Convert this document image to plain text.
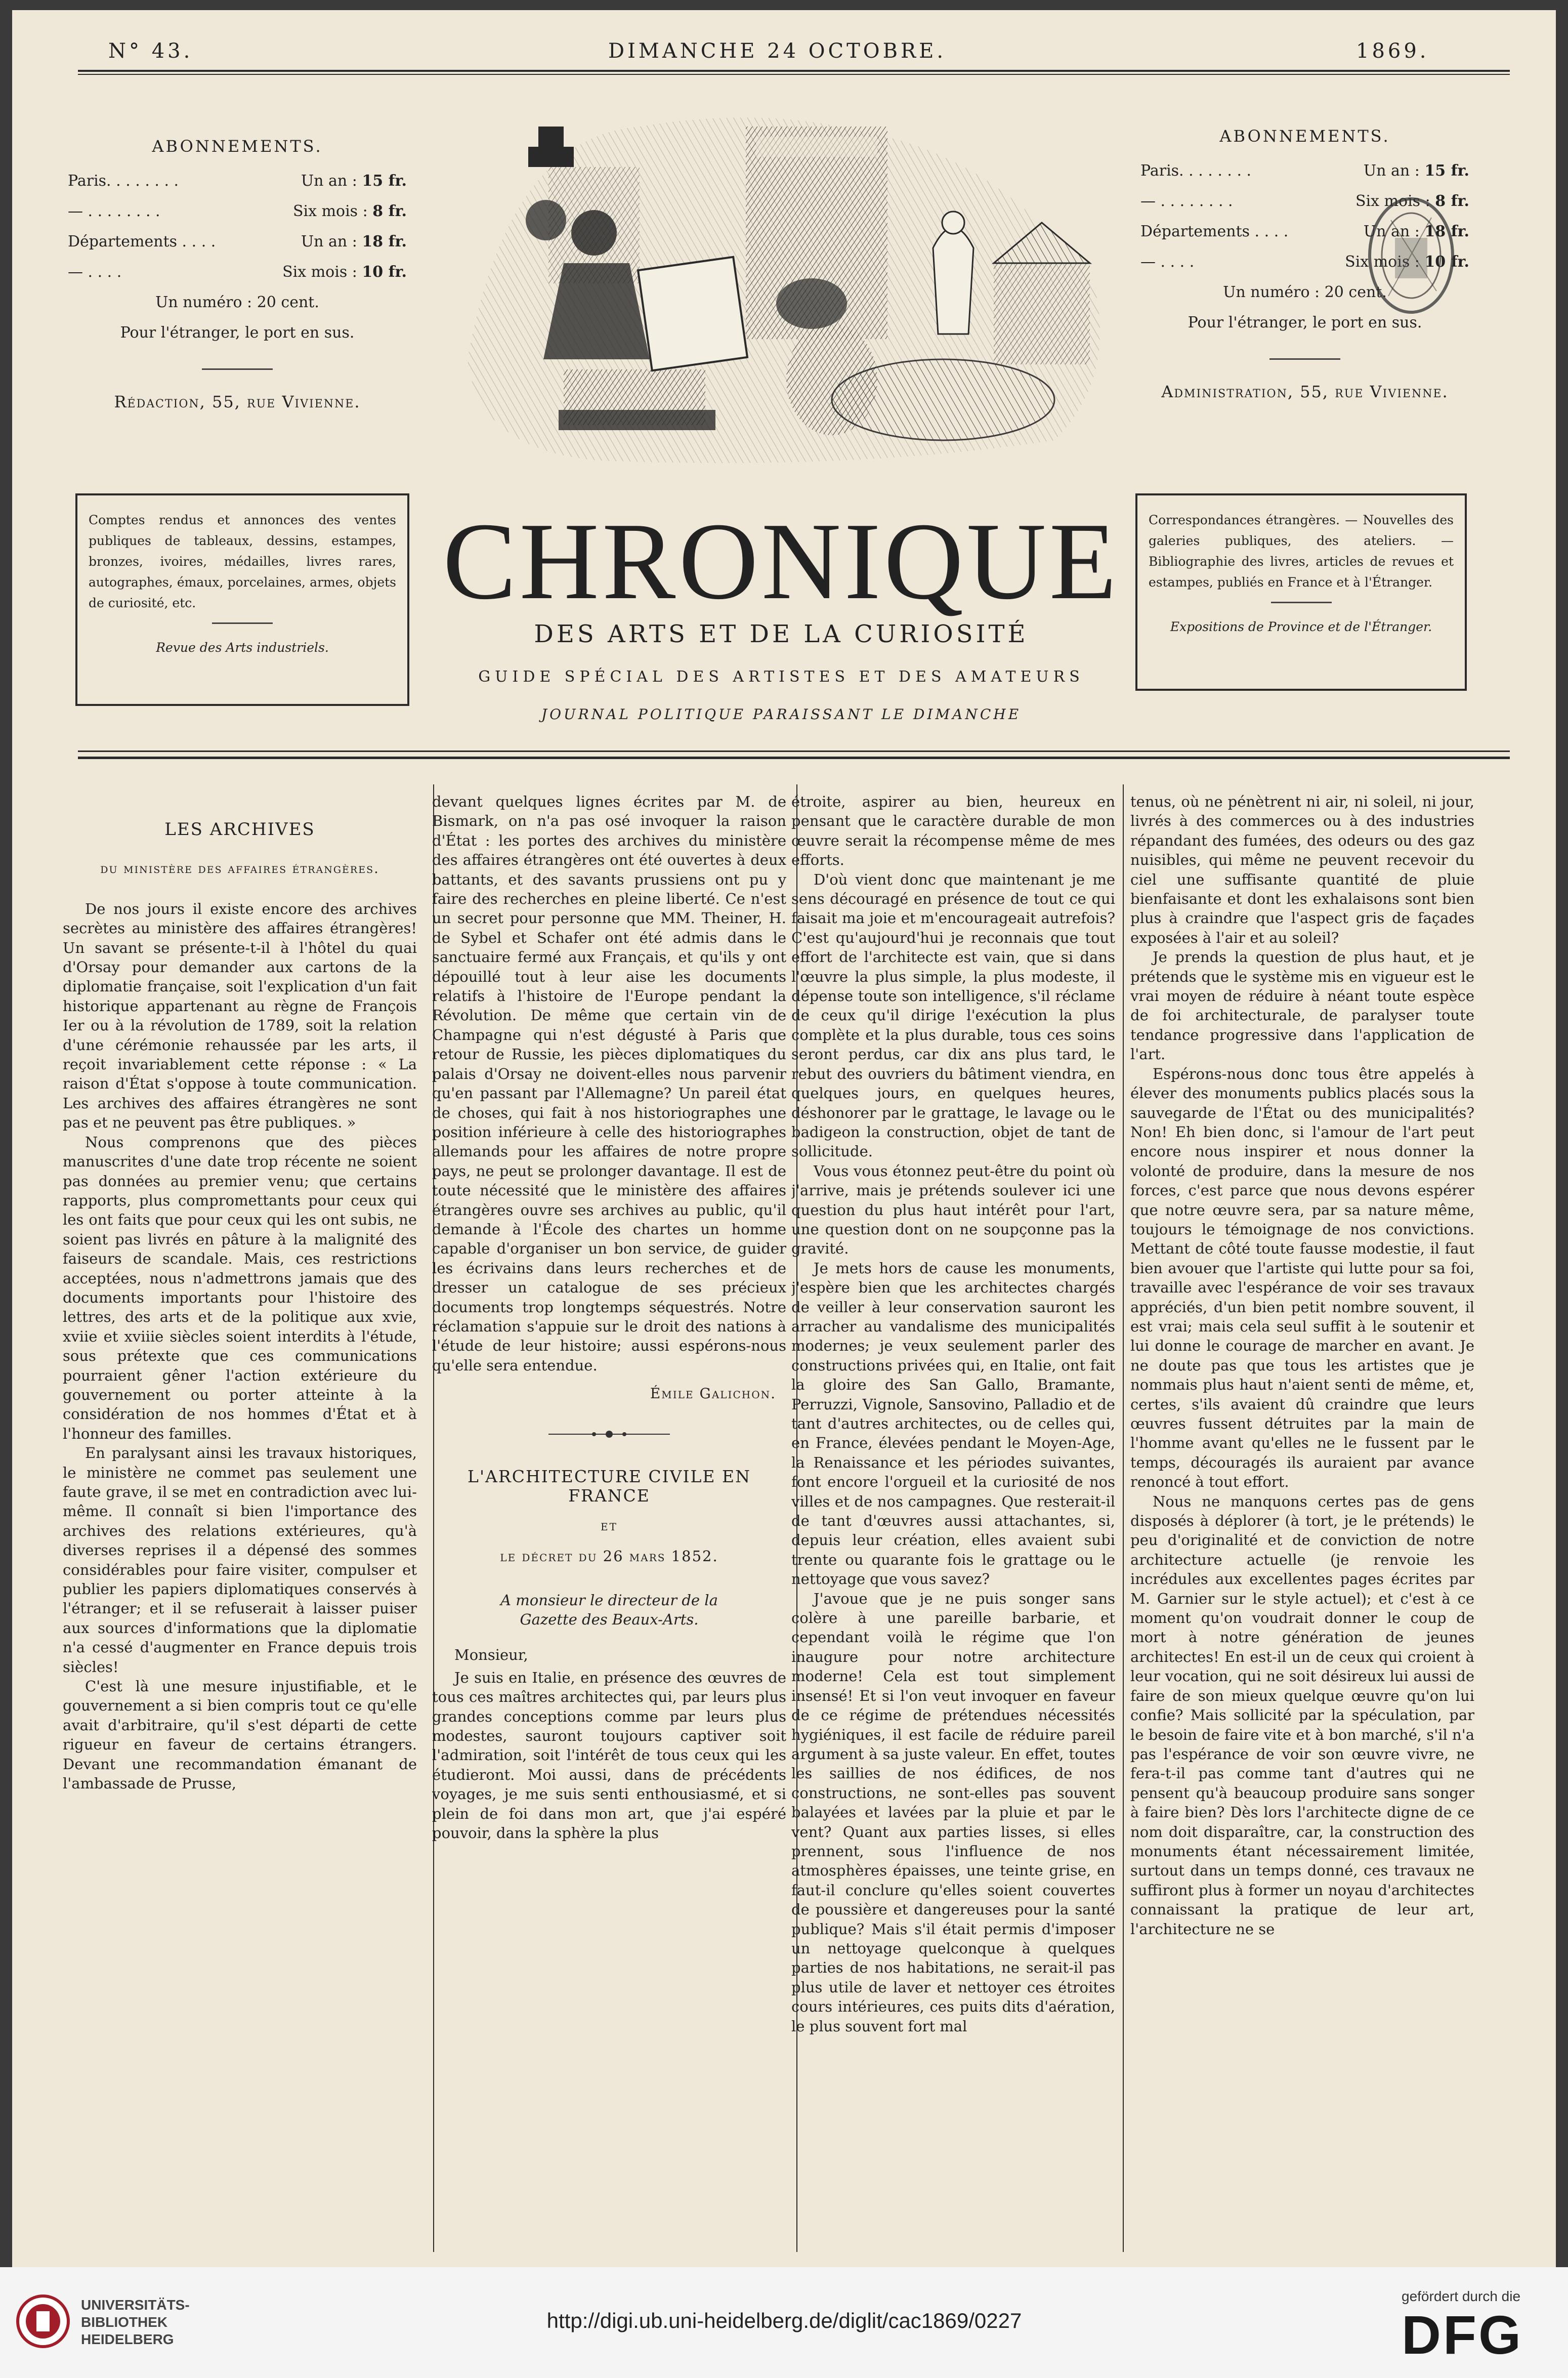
N° 43.	DIMANCHE 24 OCTOBRE.	1869.
ABONNEMENTS.
Paris. . . . . . . .	Un an : 15 fr.
— . . . . . . . .	Six mois : 8 fr.
Départements . . . .	Un an : 18 fr.
— . . . .	Six mois : 10 fr.
Un numéro : 20 cent.
Pour l'étranger, le port en sus.
Rédaction, 55, rue Vivienne.
ABONNEMENTS.
Paris. . . . . . . .	Un an : 15 fr.
— . . . . . . . .	Six mois : 8 fr.
Départements . . . .	Un an : 18 fr.
— . . . .	Six mois : 10 fr.
Un numéro : 20 cent.
Pour l'étranger, le port en sus.
Administration, 55, rue Vivienne.
Comptes rendus et annonces des ventes publiques de tableaux, dessins, estampes, bronzes, ivoires, médailles, livres rares, autographes, émaux, porcelaines, armes, objets de curiosité, etc.
Revue des Arts industriels.
Correspondances étrangères. — Nouvelles des galeries publiques, des ateliers. — Bibliographie des livres, articles de revues et estampes, publiés en France et à l'Étranger.
Expositions de Province et de l'Étranger.
CHRONIQUE
DES ARTS ET DE LA CURIOSITÉ
GUIDE SPÉCIAL DES ARTISTES ET DES AMATEURS
JOURNAL POLITIQUE PARAISSANT LE DIMANCHE
LES ARCHIVES
du ministère des affaires étrangères.

De nos jours il existe encore des archives secrètes au ministère des affaires étrangères! Un savant se présente-t-il à l'hôtel du quai d'Orsay pour demander aux cartons de la diplomatie française, soit l'explication d'un fait historique appartenant au règne de François Ier ou à la révolution de 1789, soit la relation d'une cérémonie rehaussée par les arts, il reçoit invariablement cette réponse : « La raison d'État s'oppose à toute communication. Les archives des affaires étrangères ne sont pas et ne peuvent pas être publiques. »

Nous comprenons que des pièces manuscrites d'une date trop récente ne soient pas données au premier venu; que certains rapports, plus compromettants pour ceux qui les ont faits que pour ceux qui les ont subis, ne soient pas livrés en pâture à la malignité des faiseurs de scandale. Mais, ces restrictions acceptées, nous n'admettrons jamais que des documents importants pour l'histoire des lettres, des arts et de la politique aux xvie, xviie et xviiie siècles soient interdits à l'étude, sous prétexte que ces communications pourraient gêner l'action extérieure du gouvernement ou porter atteinte à la considération de nos hommes d'État et à l'honneur des familles.

En paralysant ainsi les travaux historiques, le ministère ne commet pas seulement une faute grave, il se met en contradiction avec lui-même. Il connaît si bien l'importance des archives des relations extérieures, qu'à diverses reprises il a dépensé des sommes considérables pour faire visiter, compulser et publier les papiers diplomatiques conservés à l'étranger; et il se refuserait à laisser puiser aux sources d'informations que la diplomatie n'a cessé d'augmenter en France depuis trois siècles!

C'est là une mesure injustifiable, et le gouvernement a si bien compris tout ce qu'elle avait d'arbitraire, qu'il s'est départi de cette rigueur en faveur de certains étrangers. Devant une recommandation émanant de l'ambassade de Prusse,

devant quelques lignes écrites par M. de Bismark, on n'a pas osé invoquer la raison d'État : les portes des archives du ministère des affaires étrangères ont été ouvertes à deux battants, et des savants prussiens ont pu y faire des recherches en pleine liberté. Ce n'est un secret pour personne que MM. Theiner, H. de Sybel et Schafer ont été admis dans le sanctuaire fermé aux Français, et qu'ils y ont dépouillé tout à leur aise les documents relatifs à l'histoire de l'Europe pendant la Révolution. De même que certain vin de Champagne qui n'est dégusté à Paris que retour de Russie, les pièces diplomatiques du palais d'Orsay ne doivent-elles nous parvenir qu'en passant par l'Allemagne? Un pareil état de choses, qui fait à nos historiographes une position inférieure à celle des historiographes allemands pour les affaires de notre propre pays, ne peut se prolonger davantage. Il est de toute nécessité que le ministère des affaires étrangères ouvre ses archives au public, qu'il demande à l'École des chartes un homme capable d'organiser un bon service, de guider les écrivains dans leurs recherches et de dresser un catalogue de ses précieux documents trop longtemps séquestrés. Notre réclamation s'appuie sur le droit des nations à l'étude de leur histoire; aussi espérons-nous qu'elle sera entendue.

Émile Galichon.
L'ARCHITECTURE CIVILE EN FRANCE
ET
le décret du 26 mars 1852.
A monsieur le directeur de la Gazette des Beaux-Arts.

Monsieur,

Je suis en Italie, en présence des œuvres de tous ces maîtres architectes qui, par leurs plus grandes conceptions comme par leurs plus modestes, sauront toujours captiver soit l'admiration, soit l'intérêt de tous ceux qui les étudieront. Moi aussi, dans de précédents voyages, je me suis senti enthousiasmé, et si plein de foi dans mon art, que j'ai espéré pouvoir, dans la sphère la plus

étroite, aspirer au bien, heureux en pensant que le caractère durable de mon œuvre serait la récompense même de mes efforts.

D'où vient donc que maintenant je me sens découragé en présence de tout ce qui faisait ma joie et m'encourageait autrefois? C'est qu'aujourd'hui je reconnais que tout effort de l'architecte est vain, que si dans l'œuvre la plus simple, la plus modeste, il dépense toute son intelligence, s'il réclame de ceux qu'il dirige l'exécution la plus complète et la plus durable, tous ces soins seront perdus, car dix ans plus tard, le rebut des ouvriers du bâtiment viendra, en quelques jours, en quelques heures, déshonorer par le grattage, le lavage ou le badigeon la construction, objet de tant de sollicitude.

Vous vous étonnez peut-être du point où j'arrive, mais je prétends soulever ici une question du plus haut intérêt pour l'art, une question dont on ne soupçonne pas la gravité.

Je mets hors de cause les monuments, j'espère bien que les architectes chargés de veiller à leur conservation sauront les arracher au vandalisme des municipalités modernes; je veux seulement parler des constructions privées qui, en Italie, ont fait la gloire des San Gallo, Bramante, Perruzzi, Vignole, Sansovino, Palladio et de tant d'autres architectes, ou de celles qui, en France, élevées pendant le Moyen-Age, la Renaissance et les périodes suivantes, font encore l'orgueil et la curiosité de nos villes et de nos campagnes. Que resterait-il de tant d'œuvres aussi attachantes, si, depuis leur création, elles avaient subi trente ou quarante fois le grattage ou le nettoyage que vous savez?

J'avoue que je ne puis songer sans colère à une pareille barbarie, et cependant voilà le régime que l'on inaugure pour notre architecture moderne! Cela est tout simplement insensé! Et si l'on veut invoquer en faveur de ce régime de prétendues nécessités hygiéniques, il est facile de réduire pareil argument à sa juste valeur. En effet, toutes les saillies de nos édifices, de nos constructions, ne sont-elles pas souvent balayées et lavées par la pluie et par le vent? Quant aux parties lisses, si elles prennent, sous l'influence de nos atmosphères épaisses, une teinte grise, en faut-il conclure qu'elles soient couvertes de poussière et dangereuses pour la santé publique? Mais s'il était permis d'imposer un nettoyage quelconque à quelques parties de nos habitations, ne serait-il pas plus utile de laver et nettoyer ces étroites cours intérieures, ces puits dits d'aération, le plus souvent fort mal

tenus, où ne pénètrent ni air, ni soleil, ni jour, livrés à des commerces ou à des industries répandant des fumées, des odeurs ou des gaz nuisibles, qui même ne peuvent recevoir du ciel une suffisante quantité de pluie bienfaisante et dont les exhalaisons sont bien plus à craindre que l'aspect gris de façades exposées à l'air et au soleil?

Je prends la question de plus haut, et je prétends que le système mis en vigueur est le vrai moyen de réduire à néant toute espèce de foi architecturale, de paralyser toute tendance progressive dans l'application de l'art.

Espérons-nous donc tous être appelés à élever des monuments publics placés sous la sauvegarde de l'État ou des municipalités? Non! Eh bien donc, si l'amour de l'art peut encore nous inspirer et nous donner la volonté de produire, dans la mesure de nos forces, c'est parce que nous devons espérer que notre œuvre sera, par sa nature même, toujours le témoignage de nos convictions. Mettant de côté toute fausse modestie, il faut bien avouer que l'artiste qui lutte pour sa foi, travaille avec l'espérance de voir ses travaux appréciés, d'un bien petit nombre souvent, il est vrai; mais cela seul suffit à le soutenir et lui donne le courage de marcher en avant. Je ne doute pas que tous les artistes que je nommais plus haut n'aient senti de même, et, certes, s'ils avaient dû craindre que leurs œuvres fussent détruites par la main de l'homme avant qu'elles ne le fussent par le temps, découragés ils auraient par avance renoncé à tout effort.

Nous ne manquons certes pas de gens disposés à déplorer (à tort, je le prétends) le peu d'originalité et de conviction de notre architecture actuelle (je renvoie les incrédules aux excellentes pages écrites par M. Garnier sur le style actuel); et c'est à ce moment qu'on voudrait donner le coup de mort à notre génération de jeunes architectes! En est-il un de ceux qui croient à leur vocation, qui ne soit désireux lui aussi de faire de son mieux quelque œuvre qu'on lui confie? Mais sollicité par la spéculation, par le besoin de faire vite et à bon marché, s'il n'a pas l'espérance de voir son œuvre vivre, ne fera-t-il pas comme tant d'autres qui ne pensent qu'à beaucoup produire sans songer à faire bien? Dès lors l'architecte digne de ce nom doit disparaître, car, la construction des monuments étant nécessairement limitée, surtout dans un temps donné, ces travaux ne suffiront plus à former un noyau d'architectes connaissant la pratique de leur art, l'architecture ne se

UNIVERSITÄTS-
BIBLIOTHEK
HEIDELBERG
http://digi.ub.uni-heidelberg.de/diglit/cac1869/0227
gefördert durch die
DFG
